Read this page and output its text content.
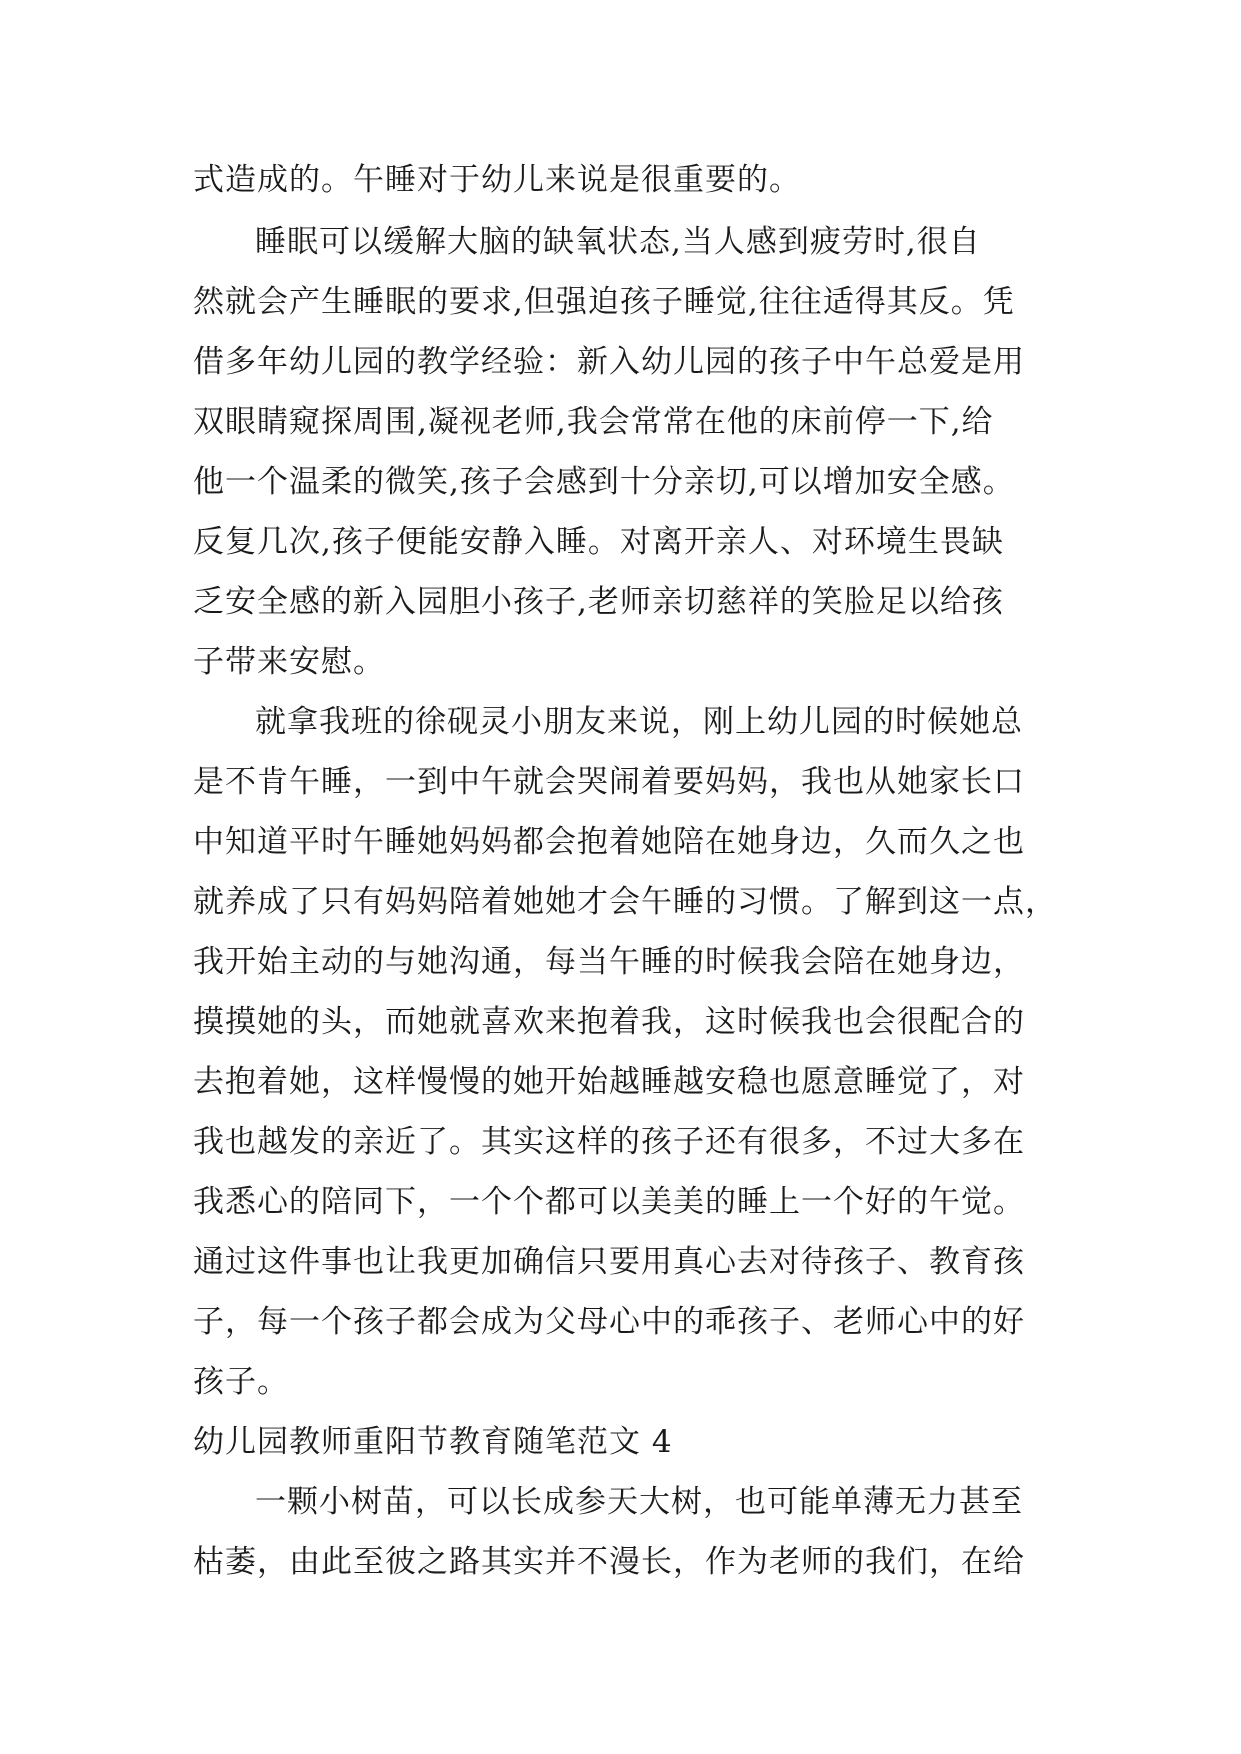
式造成的。午睡对于幼儿来说是很重要的。
睡眠可以缓解大脑的缺氧状态,当人感到疲劳时,很自
然就会产生睡眠的要求,但强迫孩子睡觉,往往适得其反。凭
借多年幼儿园的教学经验：新入幼儿园的孩子中午总爱是用
双眼睛窥探周围,凝视老师,我会常常在他的床前停一下,给
他一个温柔的微笑,孩子会感到十分亲切,可以增加安全感。
反复几次,孩子便能安静入睡。对离开亲人、对环境生畏缺
乏安全感的新入园胆小孩子,老师亲切慈祥的笑脸足以给孩
子带来安慰。
就拿我班的徐砚灵小朋友来说，刚上幼儿园的时候她总
是不肯午睡，一到中午就会哭闹着要妈妈，我也从她家长口
中知道平时午睡她妈妈都会抱着她陪在她身边，久而久之也
就养成了只有妈妈陪着她她才会午睡的习惯。了解到这一点，
我开始主动的与她沟通，每当午睡的时候我会陪在她身边，
摸摸她的头，而她就喜欢来抱着我，这时候我也会很配合的
去抱着她，这样慢慢的她开始越睡越安稳也愿意睡觉了，对
我也越发的亲近了。其实这样的孩子还有很多，不过大多在
我悉心的陪同下，一个个都可以美美的睡上一个好的午觉。
通过这件事也让我更加确信只要用真心去对待孩子、教育孩
子，每一个孩子都会成为父母心中的乖孩子、老师心中的好
孩子。
幼儿园教师重阳节教育随笔范文 4
一颗小树苗，可以长成参天大树，也可能单薄无力甚至
枯萎，由此至彼之路其实并不漫长，作为老师的我们，在给
